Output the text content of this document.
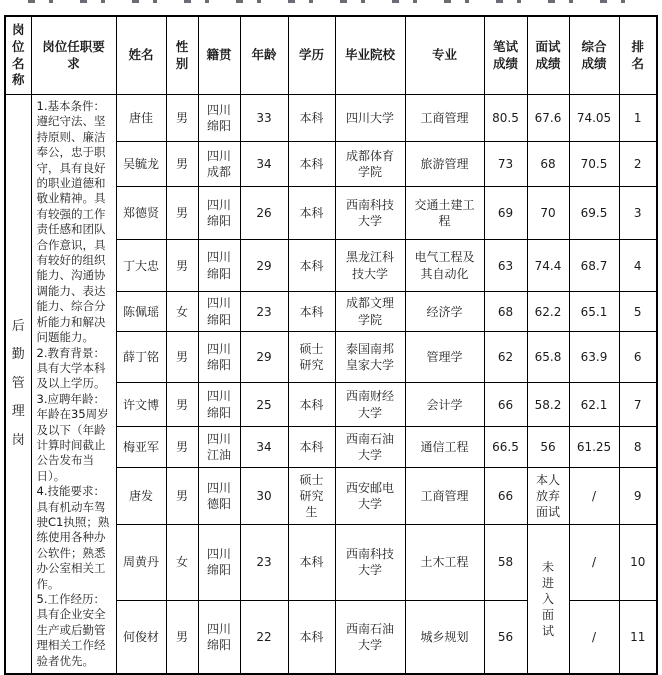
岗位名称	岗位任职要求	姓名	性别	籍贯	年龄	学历	毕业院校	专业	笔试成绩	面试成绩	综合成绩	排名
后勤管理岗	1.基本条件：遵纪守法、坚持原则、廉洁奉公，忠于职守，具有良好的职业道德和敬业精神。具有较强的工作责任感和团队合作意识，具有较好的组织能力、沟通协调能力、表达能力、综合分析能力和解决问题能力。
2.教育背景：具有大学本科及以上学历。
3.应聘年龄：年龄在35周岁及以下（年龄计算时间截止公告发布当日）。
4.技能要求：具有机动车驾驶C1执照；熟练使用各种办公软件；熟悉办公室相关工作。
5.工作经历：具有企业安全生产或后勤管理相关工作经验者优先。	唐佳	男	四川绵阳	33	本科	四川大学	工商管理	80.5	67.6	74.05	1
		吴毓龙	男	四川成都	34	本科	成都体育学院	旅游管理	73	68	70.5	2
		郑德贤	男	四川绵阳	26	本科	西南科技大学	交通土建工程	69	70	69.5	3
		丁大忠	男	四川绵阳	29	本科	黑龙江科技大学	电气工程及其自动化	63	74.4	68.7	4
		陈佩瑶	女	四川绵阳	23	本科	成都文理学院	经济学	68	62.2	65.1	5
		薛丁铭	男	四川绵阳	29	硕士研究	泰国南邦皇家大学	管理学	62	65.8	63.9	6
		许文博	男	四川绵阳	25	本科	西南财经大学	会计学	66	58.2	62.1	7
		梅亚军	男	四川江油	34	本科	西南石油大学	通信工程	66.5	56	61.25	8
		唐发	男	四川德阳	30	硕士研究生	西安邮电大学	工商管理	66	本人放弃面试	/	9
		周黄丹	女	四川绵阳	23	本科	西南科技大学	土木工程	58	未进入面试	/	10
		何俊材	男	四川绵阳	22	本科	西南石油大学	城乡规划	56		/	11
